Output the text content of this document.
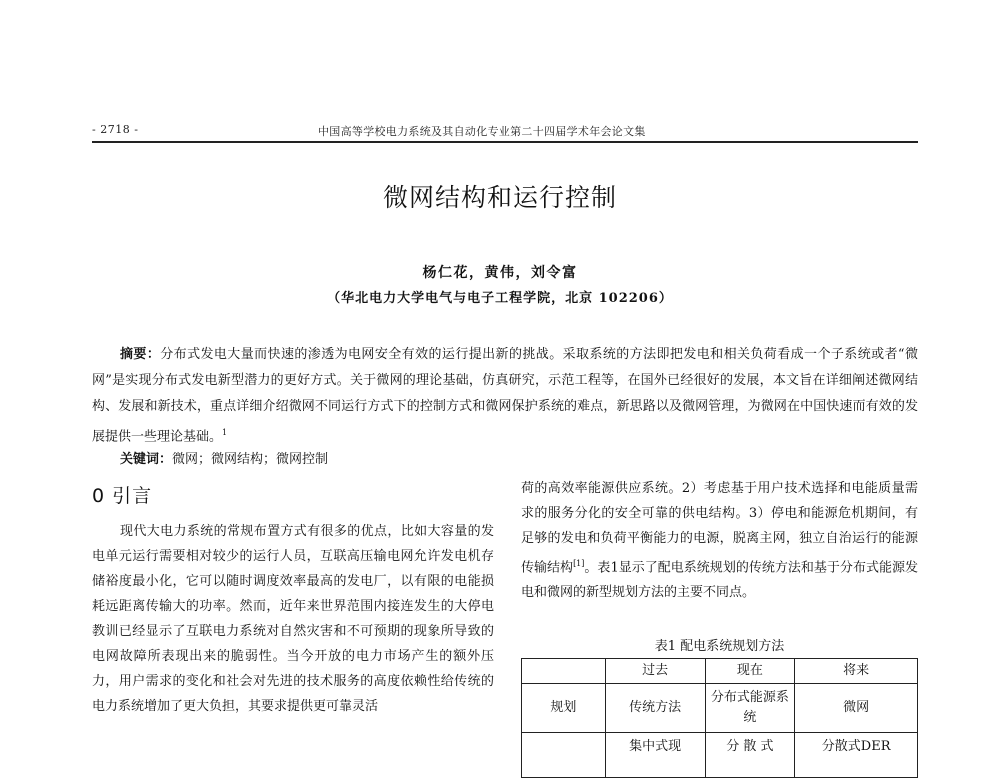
- 2718 -	中国高等学校电力系统及其自动化专业第二十四届学术年会论文集
微网结构和运行控制
杨仁花，黄伟，刘令富
（华北电力大学电气与电子工程学院，北京 102206）
摘要：分布式发电大量而快速的渗透为电网安全有效的运行提出新的挑战。采取系统的方法即把发电和相关负荷看成一个子系统或者“微网”是实现分布式发电新型潜力的更好方式。关于微网的理论基础，仿真研究，示范工程等，在国外已经很好的发展，本文旨在详细阐述微网结构、发展和新技术，重点详细介绍微网不同运行方式下的控制方式和微网保护系统的难点，新思路以及微网管理，为微网在中国快速而有效的发展提供一些理论基础。$^1$
关键词：微网；微网结构；微网控制
0 引言
现代大电力系统的常规布置方式有很多的优点，比如大容量的发电单元运行需要相对较少的运行人员，互联高压输电网允许发电机存储裕度最小化，它可以随时调度效率最高的发电厂，以有限的电能损耗远距离传输大的功率。然而，近年来世界范围内接连发生的大停电教训已经显示了互联电力系统对自然灾害和不可预期的现象所导致的电网故障所表现出来的脆弱性。当今开放的电力市场产生的额外压力，用户需求的变化和社会对先进的技术服务的高度依赖性给传统的电力系统增加了更大负担，其要求提供更可靠灵活
荷的高效率能源供应系统。2）考虑基于用户技术选择和电能质量需求的服务分化的安全可靠的供电结构。3）停电和能源危机期间，有足够的发电和负荷平衡能力的电源，脱离主网，独立自治运行的能源传输结构[1]。表1显示了配电系统规划的传统方法和基于分布式能源发电和微网的新型规划方法的主要不同点。
表1 配电系统规划方法
	过去	现在	将来
规划	传统方法	分布式能源系统	微网
	集中式现	分 散 式	分散式DER
